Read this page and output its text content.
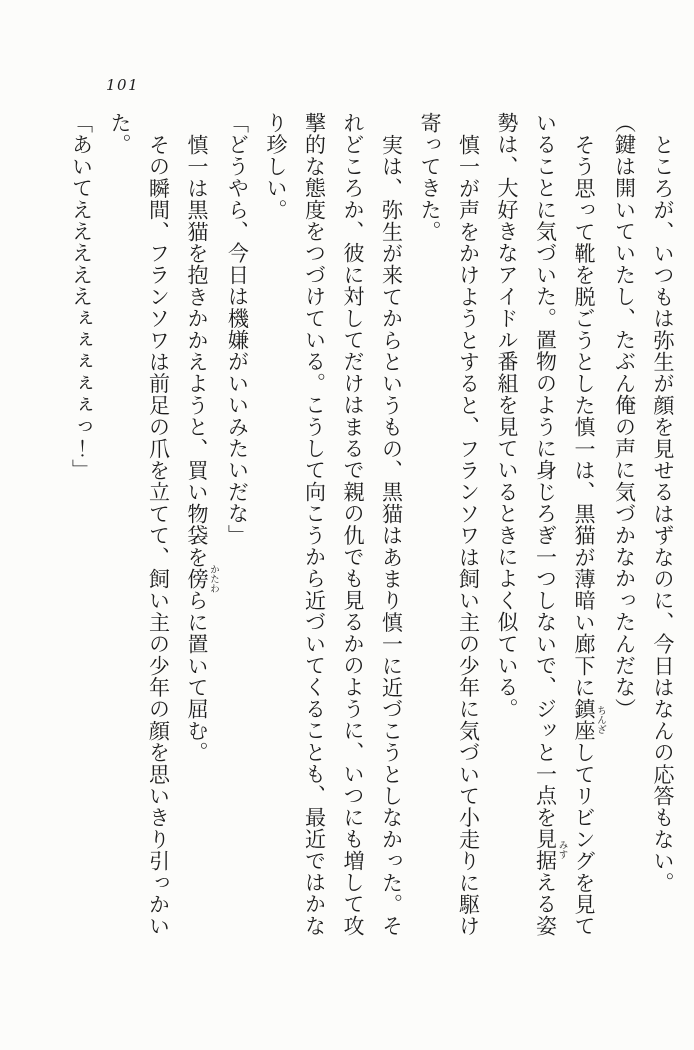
101

ところが、いつもは弥生が顔を見せるはずなのに、今日はなんの応答もない。

（鍵は開いていたし、たぶん俺の声に気づかなかったんだな）

そう思って靴を脱ごうとした慎一は、黒猫が薄暗い廊下に鎮座 ちんざしてリビングを見ていることに気づいた。置物のように身じろぎ一つしないで、ジッと一点を見据 みすえる姿勢は、大好きなアイドル番組を見ているときによく似ている。

慎一が声をかけようとすると、フランソワは飼い主の少年に気づいて小走りに駆け寄ってきた。

実は、弥生が来てからというもの、黒猫はあまり慎一に近づこうとしなかった。それどころか、彼に対してだけはまるで親の仇でも見るかのように、いつにも増して攻撃的な態度をつづけている。こうして向こうから近づいてくることも、最近ではかなり珍しい。

「どうやら、今日は機嫌がいいみたいだな」

慎一は黒猫を抱きかかえようと、買い物袋を傍 かたわらに置いて屈む。

その瞬間、フランソワは前足の爪を立てて、飼い主の少年の顔を思いきり引っかいた。

「あいてえええええぇぇぇぇぇっ！」
